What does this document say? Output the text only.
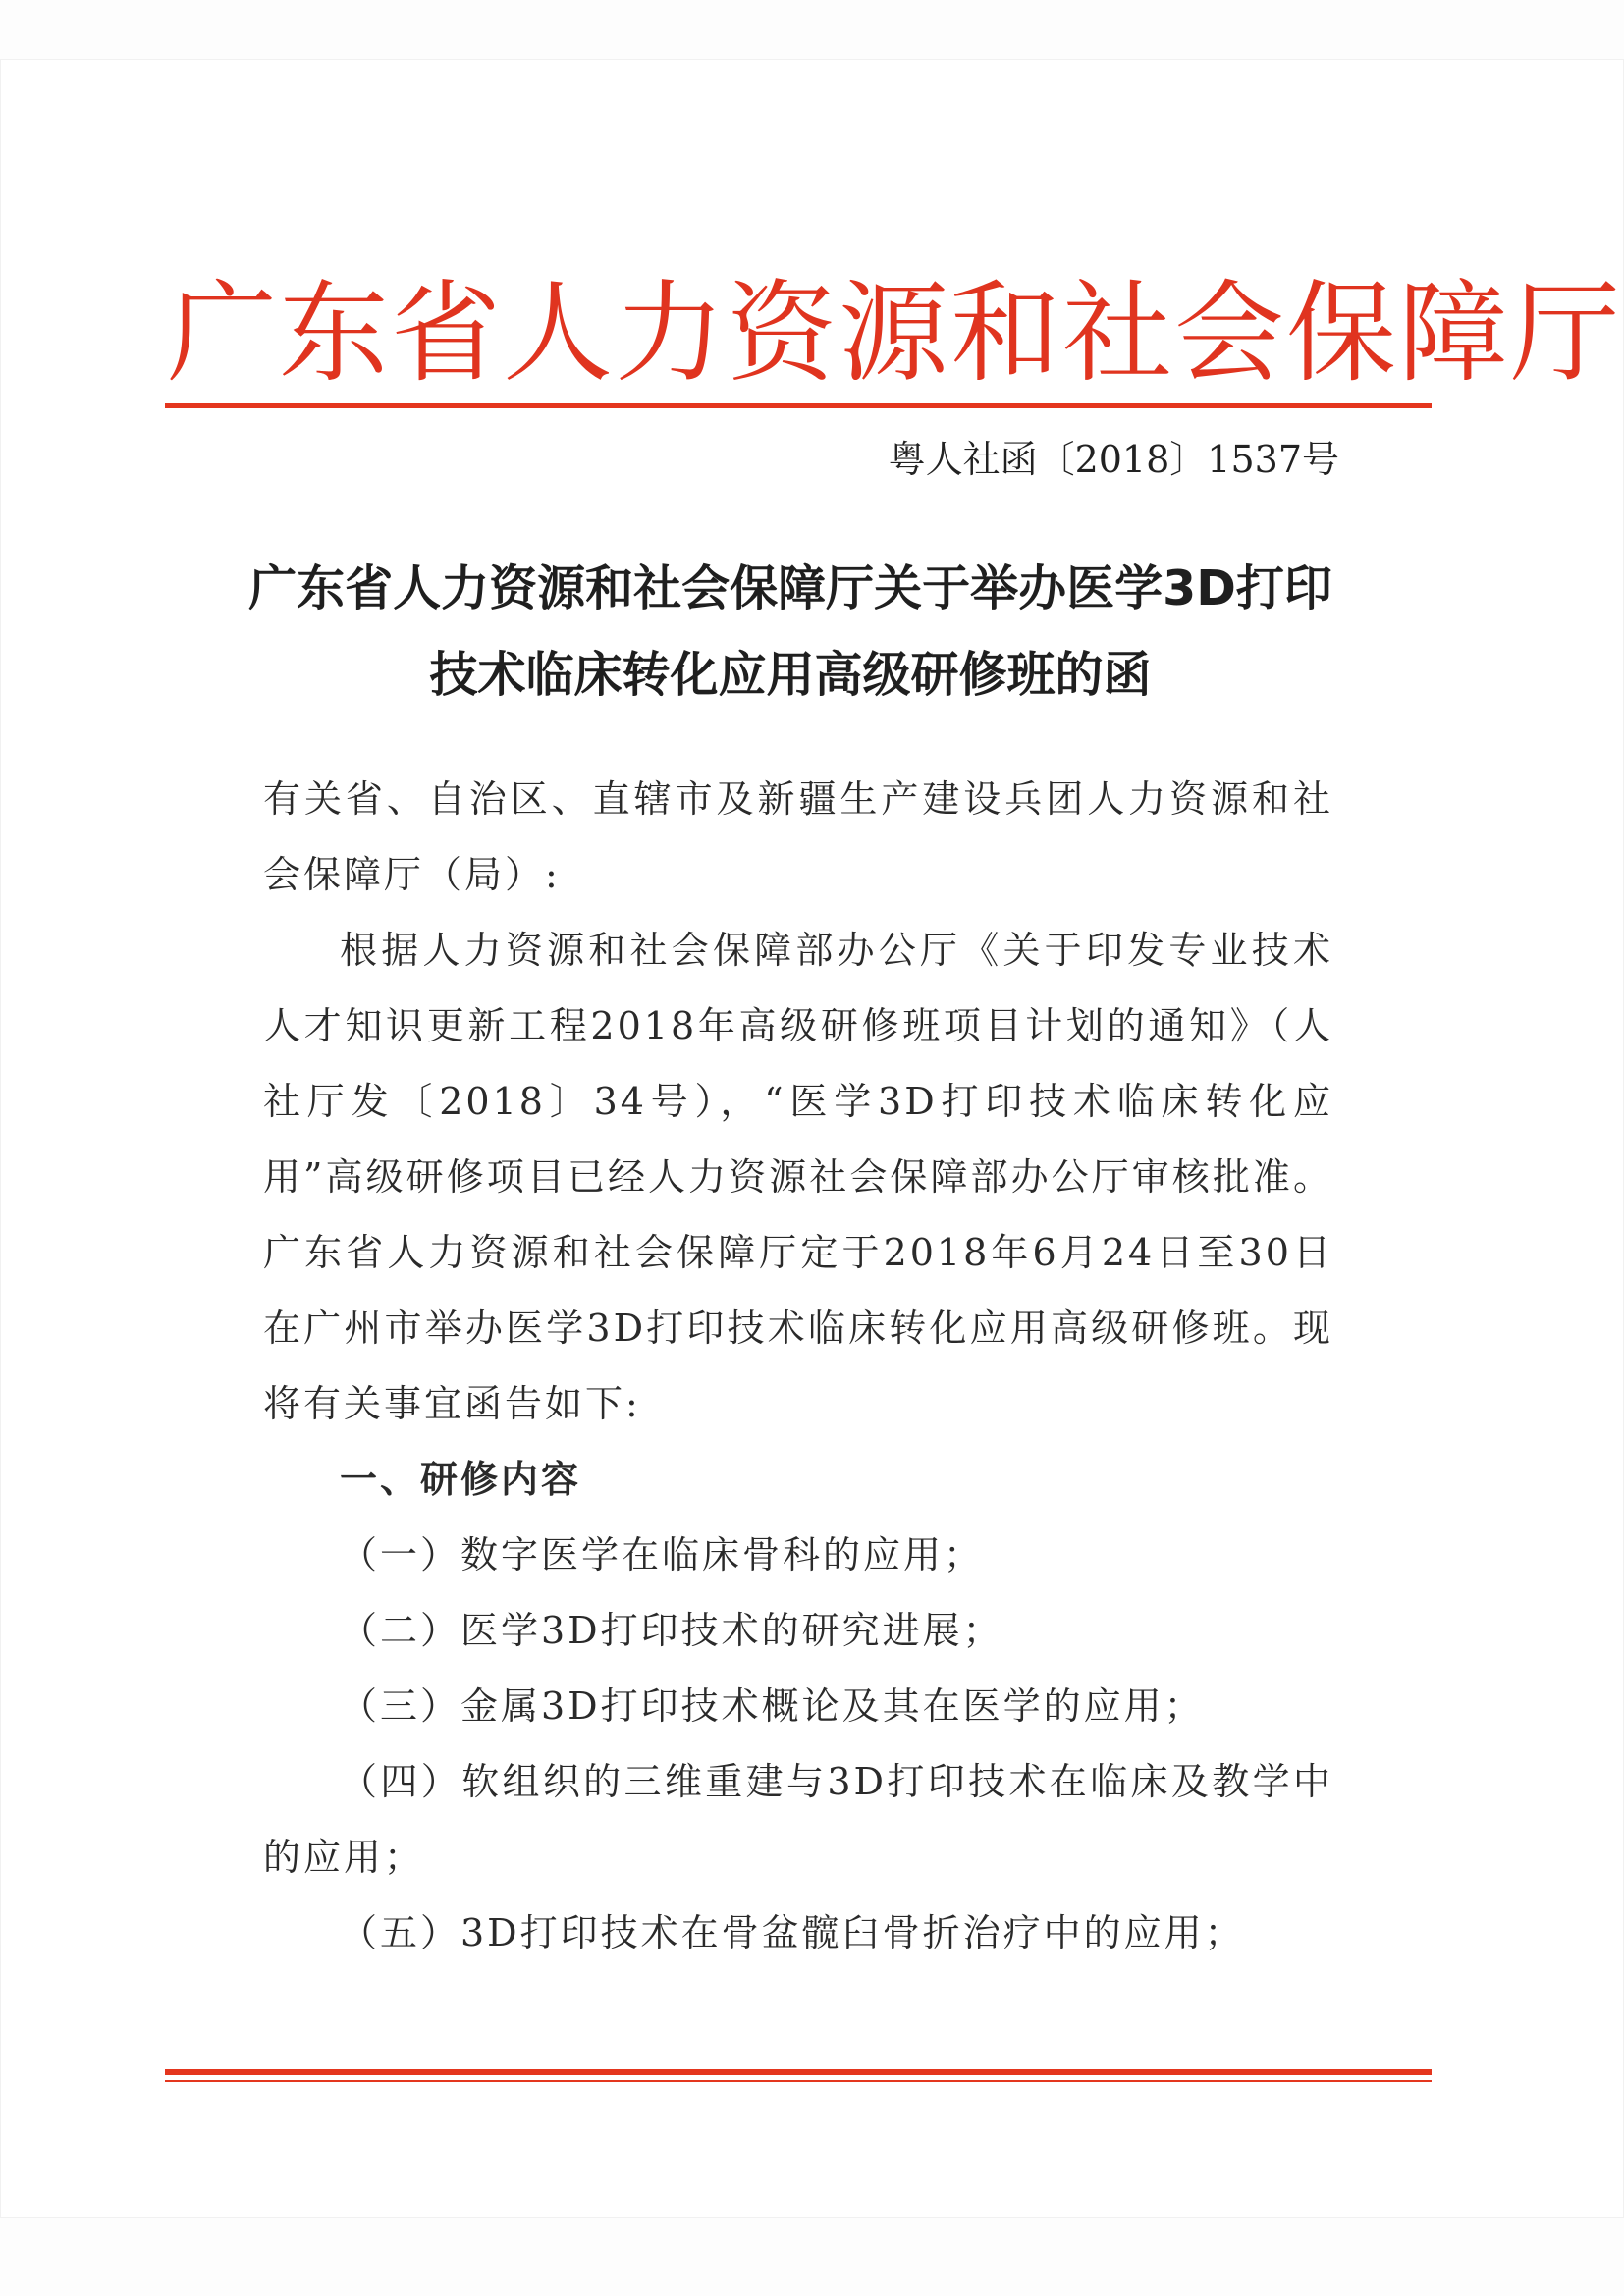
广东省人力资源和社会保障厅
粤人社函〔2018〕1537号
广东省人力资源和社会保障厅关于举办医学3D打印技术临床转化应用高级研修班的函

有关省、自治区、直辖市及新疆生产建设兵团人力资源和社会保障厅（局）:

根据人力资源和社会保障部办公厅《关于印发专业技术人才知识更新工程2018年高级研修班项目计划的通知》（人社厅发〔2018〕34号），“医学3D打印技术临床转化应用”高级研修项目已经人力资源社会保障部办公厅审核批准。广东省人力资源和社会保障厅定于2018年6月24日至30日在广州市举办医学3D打印技术临床转化应用高级研修班。现将有关事宜函告如下:

一、研修内容

（一）数字医学在临床骨科的应用；

（二）医学3D打印技术的研究进展；

（三）金属3D打印技术概论及其在医学的应用；

（四）软组织的三维重建与3D打印技术在临床及教学中的应用；

（五）3D打印技术在骨盆髋臼骨折治疗中的应用；
